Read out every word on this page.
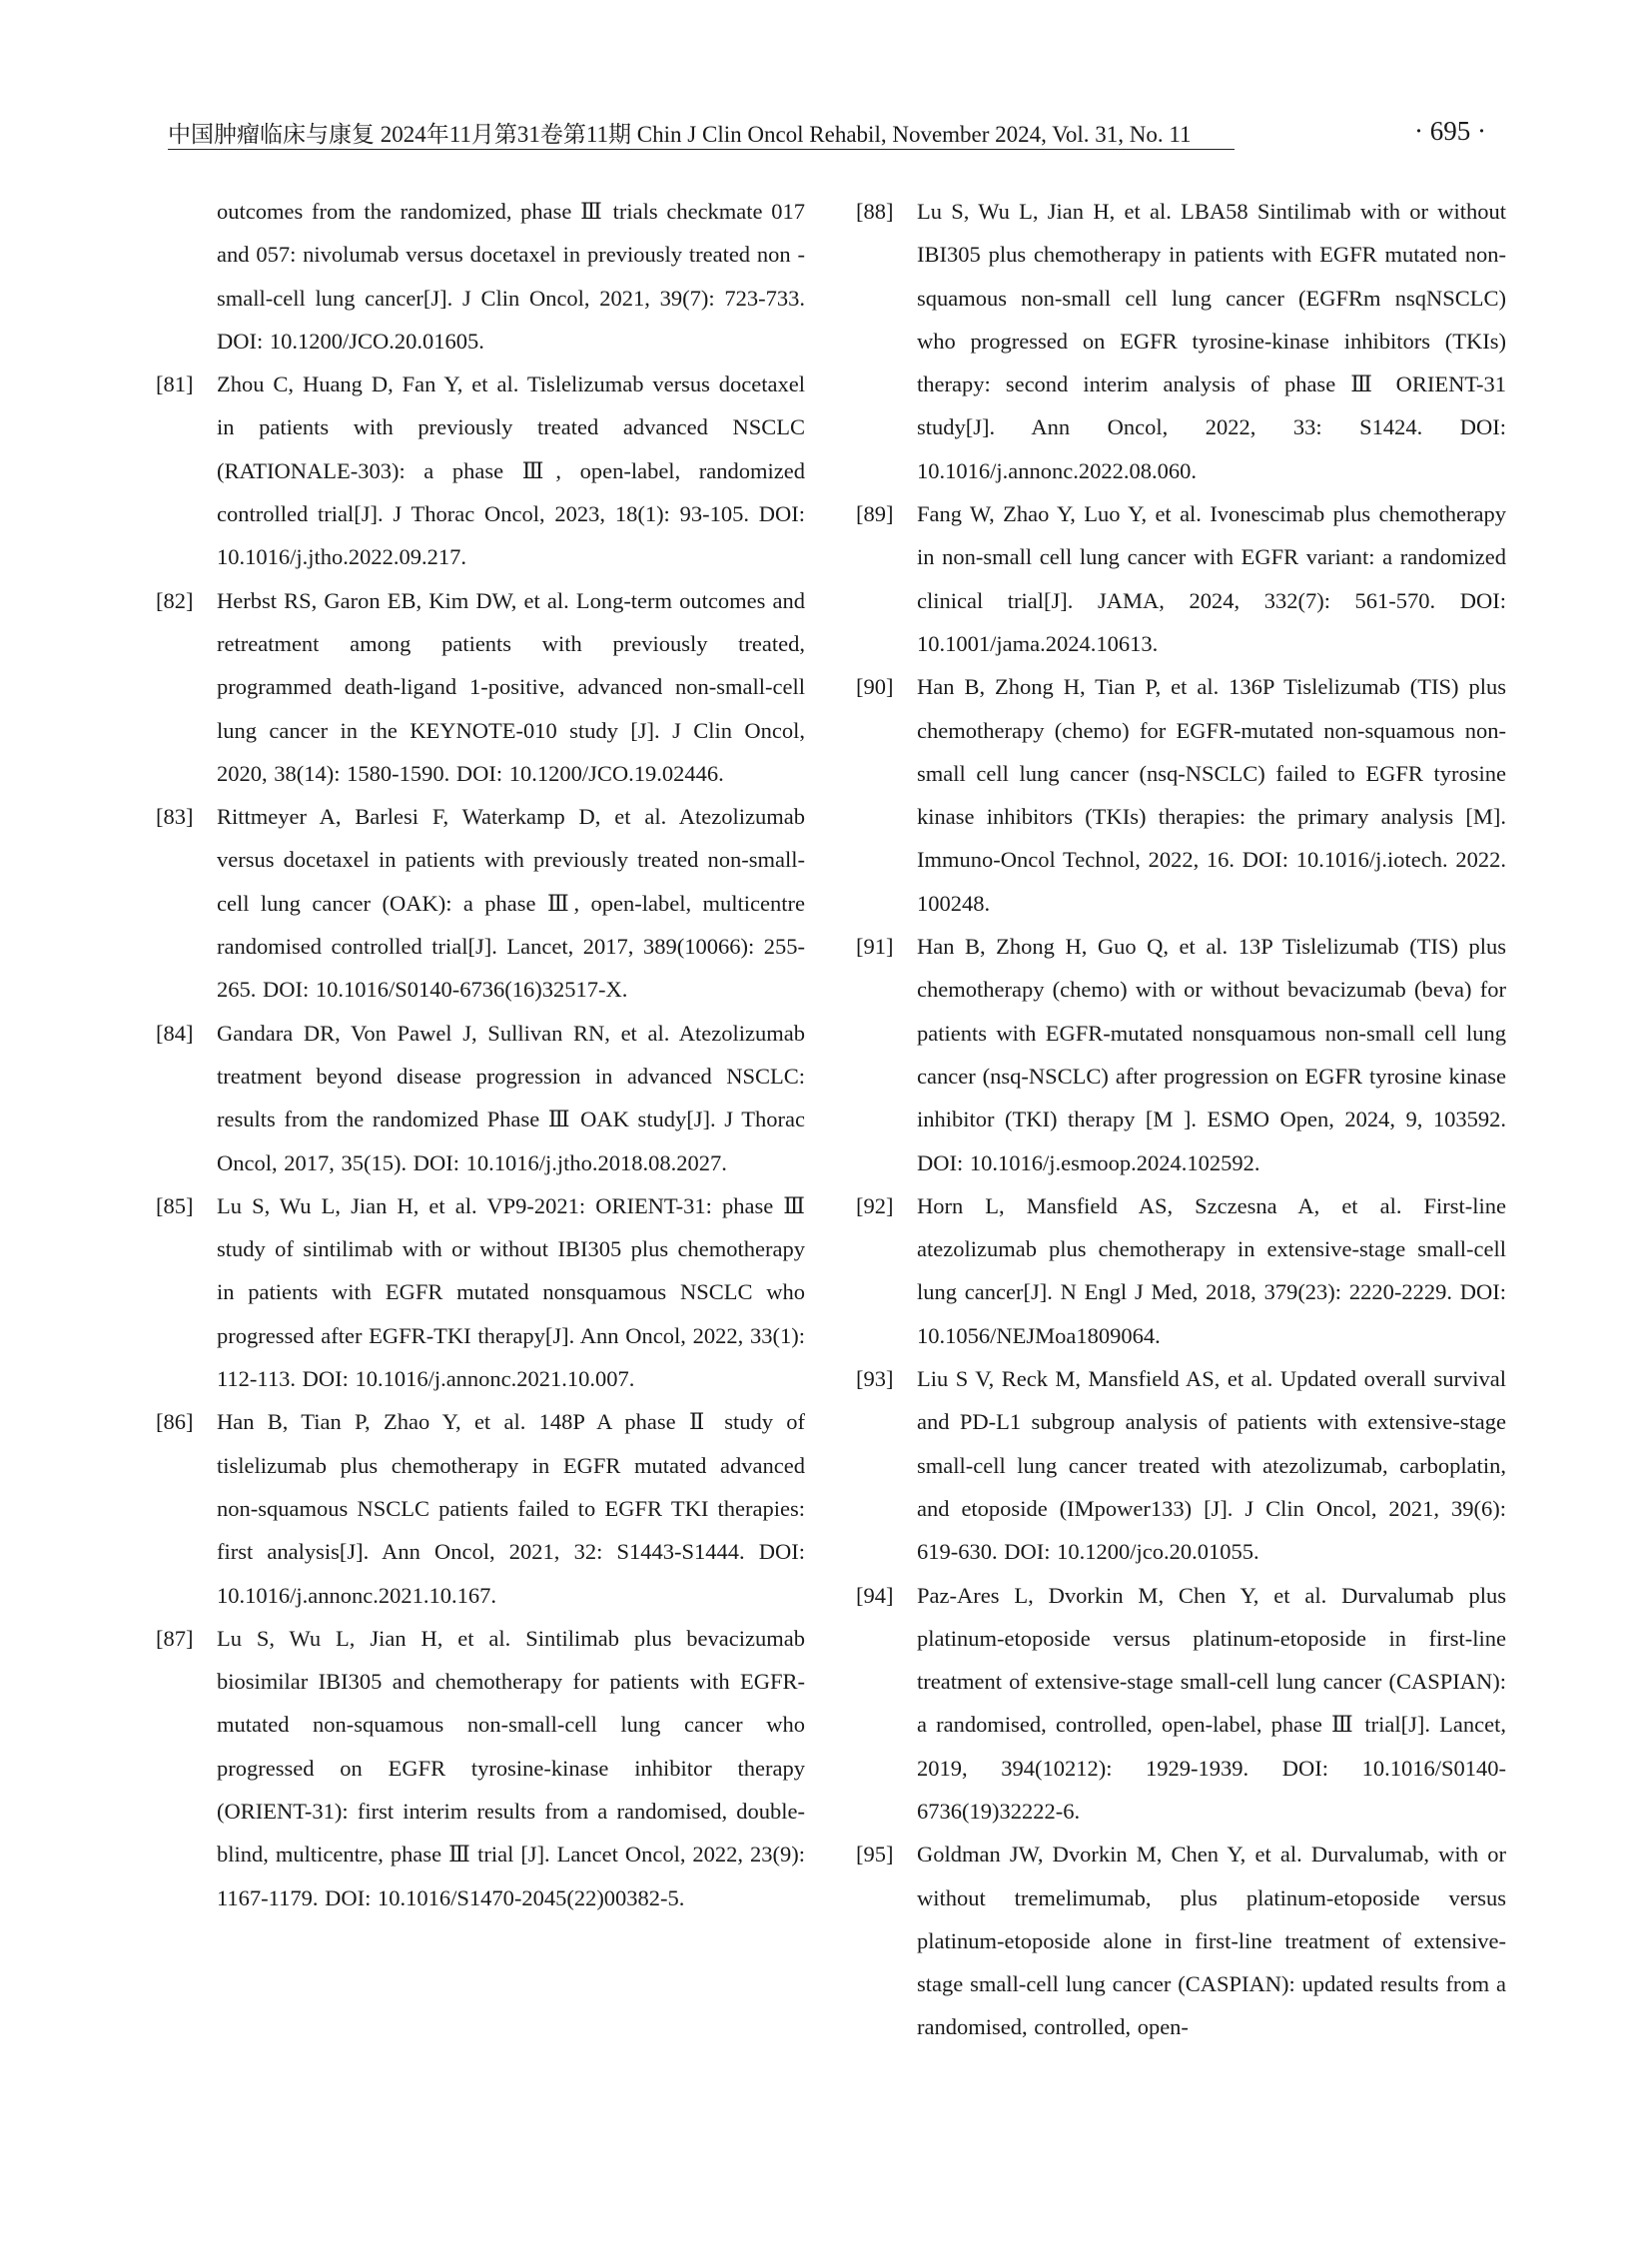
中国肿瘤临床与康复 2024年11月第31卷第11期 Chin J Clin Oncol Rehabil, November 2024, Vol. 31, No. 11	· 695 ·
outcomes from the randomized, phase Ⅲ trials checkmate 017 and 057: nivolumab versus docetaxel in previously treated non - small-cell lung cancer[J]. J Clin Oncol, 2021, 39(7): 723-733. DOI: 10.1200/JCO.20.01605.
[81]	Zhou C, Huang D, Fan Y, et al. Tislelizumab versus docetaxel in patients with previously treated advanced NSCLC (RATIONALE-303): a phase Ⅲ, open-label, randomized controlled trial[J]. J Thorac Oncol, 2023, 18(1): 93-105. DOI: 10.1016/j.jtho.2022.09.217.
[82]	Herbst RS, Garon EB, Kim DW, et al. Long-term outcomes and retreatment among patients with previously treated, programmed death-ligand 1-positive, advanced non-small-cell lung cancer in the KEYNOTE-010 study [J]. J Clin Oncol, 2020, 38(14): 1580-1590. DOI: 10.1200/JCO.19.02446.
[83]	Rittmeyer A, Barlesi F, Waterkamp D, et al. Atezolizumab versus docetaxel in patients with previously treated non-small-cell lung cancer (OAK): a phase Ⅲ, open-label, multicentre randomised controlled trial[J]. Lancet, 2017, 389(10066): 255-265. DOI: 10.1016/S0140-6736(16)32517-X.
[84]	Gandara DR, Von Pawel J, Sullivan RN, et al. Atezolizumab treatment beyond disease progression in advanced NSCLC: results from the randomized Phase Ⅲ OAK study[J]. J Thorac Oncol, 2017, 35(15). DOI: 10.1016/j.jtho.2018.08.2027.
[85]	Lu S, Wu L, Jian H, et al. VP9-2021: ORIENT-31: phase Ⅲ study of sintilimab with or without IBI305 plus chemotherapy in patients with EGFR mutated nonsquamous NSCLC who progressed after EGFR-TKI therapy[J]. Ann Oncol, 2022, 33(1): 112-113. DOI: 10.1016/j.annonc.2021.10.007.
[86]	Han B, Tian P, Zhao Y, et al. 148P A phase Ⅱ study of tislelizumab plus chemotherapy in EGFR mutated advanced non-squamous NSCLC patients failed to EGFR TKI therapies: first analysis[J]. Ann Oncol, 2021, 32: S1443-S1444. DOI: 10.1016/j.annonc.2021.10.167.
[87]	Lu S, Wu L, Jian H, et al. Sintilimab plus bevacizumab biosimilar IBI305 and chemotherapy for patients with EGFR-mutated non-squamous non-small-cell lung cancer who progressed on EGFR tyrosine-kinase inhibitor therapy (ORIENT-31): first interim results from a randomised, double-blind, multicentre, phase Ⅲ trial [J]. Lancet Oncol, 2022, 23(9): 1167-1179. DOI: 10.1016/S1470-2045(22)00382-5.
[88]	Lu S, Wu L, Jian H, et al. LBA58 Sintilimab with or without IBI305 plus chemotherapy in patients with EGFR mutated non-squamous non-small cell lung cancer (EGFRm nsqNSCLC) who progressed on EGFR tyrosine-kinase inhibitors (TKIs) therapy: second interim analysis of phase Ⅲ ORIENT-31 study[J]. Ann Oncol, 2022, 33: S1424. DOI: 10.1016/j.annonc.2022.08.060.
[89]	Fang W, Zhao Y, Luo Y, et al. Ivonescimab plus chemotherapy in non-small cell lung cancer with EGFR variant: a randomized clinical trial[J]. JAMA, 2024, 332(7): 561-570. DOI: 10.1001/jama.2024.10613.
[90]	Han B, Zhong H, Tian P, et al. 136P Tislelizumab (TIS) plus chemotherapy (chemo) for EGFR-mutated non-squamous non-small cell lung cancer (nsq-NSCLC) failed to EGFR tyrosine kinase inhibitors (TKIs) therapies: the primary analysis [M]. Immuno-Oncol Technol, 2022, 16. DOI: 10.1016/j.iotech. 2022. 100248.
[91]	Han B, Zhong H, Guo Q, et al. 13P Tislelizumab (TIS) plus chemotherapy (chemo) with or without bevacizumab (beva) for patients with EGFR-mutated nonsquamous non-small cell lung cancer (nsq-NSCLC) after progression on EGFR tyrosine kinase inhibitor (TKI) therapy [M ]. ESMO Open, 2024, 9, 103592. DOI: 10.1016/j.esmoop.2024.102592.
[92]	Horn L, Mansfield AS, Szczesna A, et al. First-line atezolizumab plus chemotherapy in extensive-stage small-cell lung cancer[J]. N Engl J Med, 2018, 379(23): 2220-2229. DOI: 10.1056/NEJMoa1809064.
[93]	Liu S V, Reck M, Mansfield AS, et al. Updated overall survival and PD-L1 subgroup analysis of patients with extensive-stage small-cell lung cancer treated with atezolizumab, carboplatin, and etoposide (IMpower133) [J]. J Clin Oncol, 2021, 39(6): 619-630. DOI: 10.1200/jco.20.01055.
[94]	Paz-Ares L, Dvorkin M, Chen Y, et al. Durvalumab plus platinum-etoposide versus platinum-etoposide in first-line treatment of extensive-stage small-cell lung cancer (CASPIAN): a randomised, controlled, open-label, phase Ⅲ trial[J]. Lancet, 2019, 394(10212): 1929-1939. DOI: 10.1016/S0140-6736(19)32222-6.
[95]	Goldman JW, Dvorkin M, Chen Y, et al. Durvalumab, with or without tremelimumab, plus platinum-etoposide versus platinum-etoposide alone in first-line treatment of extensive-stage small-cell lung cancer (CASPIAN): updated results from a randomised, controlled, open-
